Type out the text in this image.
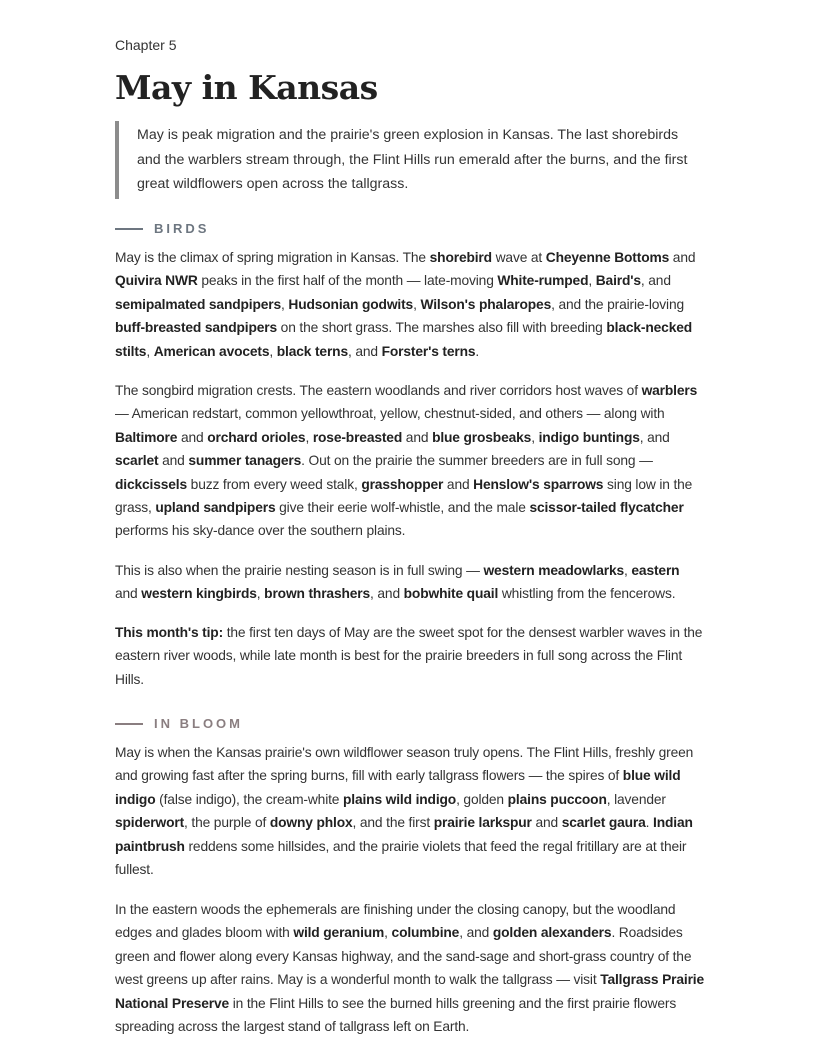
Chapter 5

May in Kansas
May is peak migration and the prairie's green explosion in Kansas. The last shorebirds and the warblers stream through, the Flint Hills run emerald after the burns, and the first great wildflowers open across the tallgrass.
BIRDS

May is the climax of spring migration in Kansas. The shorebird wave at Cheyenne Bottoms and Quivira NWR peaks in the first half of the month — late-moving White-rumped, Baird's, and semipalmated sandpipers, Hudsonian godwits, Wilson's phalaropes, and the prairie-loving buff-breasted sandpipers on the short grass. The marshes also fill with breeding black-necked stilts, American avocets, black terns, and Forster's terns.

The songbird migration crests. The eastern woodlands and river corridors host waves of warblers — American redstart, common yellowthroat, yellow, chestnut-sided, and others — along with Baltimore and orchard orioles, rose-breasted and blue grosbeaks, indigo buntings, and scarlet and summer tanagers. Out on the prairie the summer breeders are in full song — dickcissels buzz from every weed stalk, grasshopper and Henslow's sparrows sing low in the grass, upland sandpipers give their eerie wolf-whistle, and the male scissor-tailed flycatcher performs his sky-dance over the southern plains.

This is also when the prairie nesting season is in full swing — western meadowlarks, eastern and western kingbirds, brown thrashers, and bobwhite quail whistling from the fencerows.

This month's tip: the first ten days of May are the sweet spot for the densest warbler waves in the eastern river woods, while late month is best for the prairie breeders in full song across the Flint Hills.

IN BLOOM

May is when the Kansas prairie's own wildflower season truly opens. The Flint Hills, freshly green and growing fast after the spring burns, fill with early tallgrass flowers — the spires of blue wild indigo (false indigo), the cream-white plains wild indigo, golden plains puccoon, lavender spiderwort, the purple of downy phlox, and the first prairie larkspur and scarlet gaura. Indian paintbrush reddens some hillsides, and the prairie violets that feed the regal fritillary are at their fullest.

In the eastern woods the ephemerals are finishing under the closing canopy, but the woodland edges and glades bloom with wild geranium, columbine, and golden alexanders. Roadsides green and flower along every Kansas highway, and the sand-sage and short-grass country of the west greens up after rains. May is a wonderful month to walk the tallgrass — visit Tallgrass Prairie National Preserve in the Flint Hills to see the burned hills greening and the first prairie flowers spreading across the largest stand of tallgrass left on Earth.
